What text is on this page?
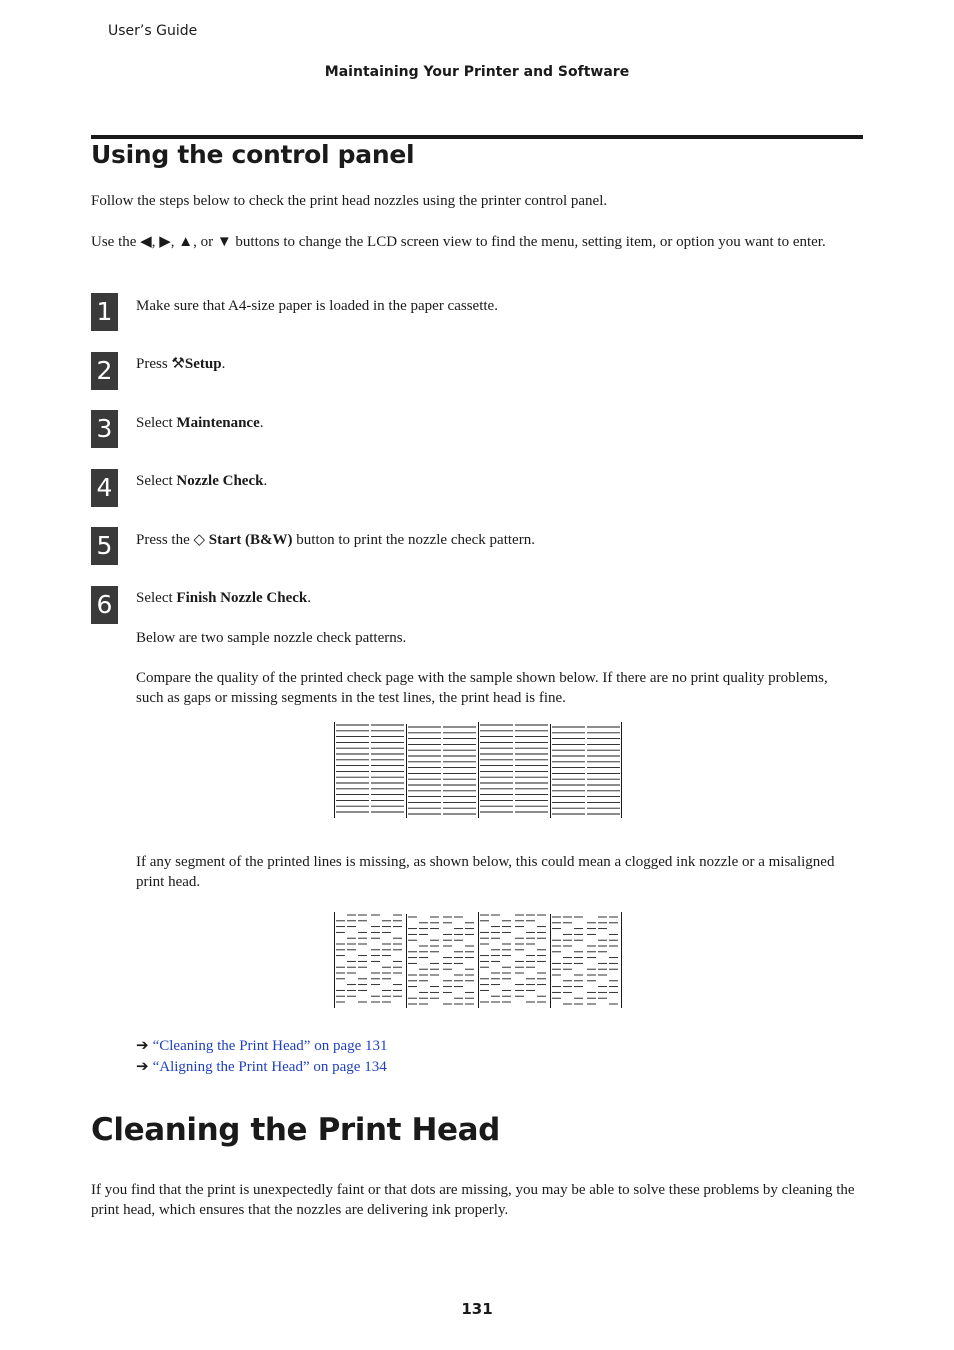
User’s Guide
Maintaining Your Printer and Software
Using the control panel
Follow the steps below to check the print head nozzles using the printer control panel.
Use the ◀, ▶, ▲, or ▼ buttons to change the LCD screen view to find the menu, setting item, or option you want to enter.
1	Make sure that A4-size paper is loaded in the paper cassette.
2	Press ⚒Setup.
3	Select Maintenance.
4	Select Nozzle Check.
5	Press the ◇ Start (B&W) button to print the nozzle check pattern.
6	Select Finish Nozzle Check.
Below are two sample nozzle check patterns.
Compare the quality of the printed check page with the sample shown below. If there are no print quality problems, such as gaps or missing segments in the test lines, the print head is fine.
If any segment of the printed lines is missing, as shown below, this could mean a clogged ink nozzle or a misaligned print head.
➔ “Cleaning the Print Head” on page 131
➔ “Aligning the Print Head” on page 134
Cleaning the Print Head
If you find that the print is unexpectedly faint or that dots are missing, you may be able to solve these problems by cleaning the print head, which ensures that the nozzles are delivering ink properly.
131
